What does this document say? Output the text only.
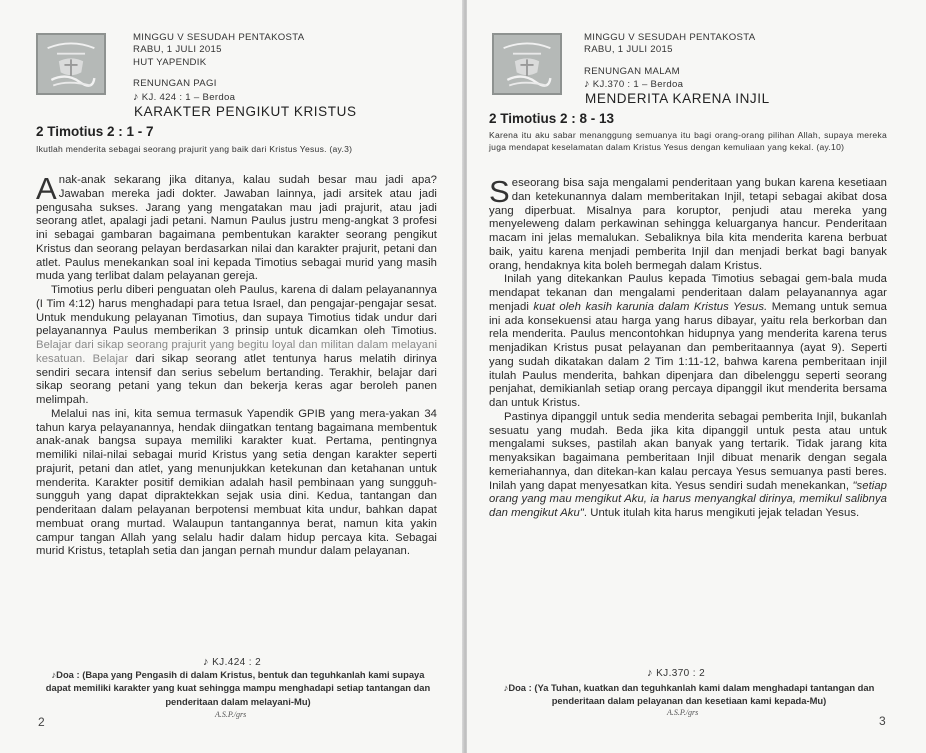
MINGGU V SESUDAH PENTAKOSTA
RABU, 1 JULI 2015
HUT YAPENDIK
RENUNGAN PAGI
♪ KJ. 424 : 1 – Berdoa
KARAKTER PENGIKUT KRISTUS
2 Timotius 2 : 1 - 7
Ikutlah menderita sebagai seorang prajurit yang baik dari Kristus Yesus. (ay.3)

Anak-anak sekarang jika ditanya, kalau sudah besar mau jadi apa? Jawaban mereka jadi dokter. Jawaban lainnya, jadi arsitek atau jadi pengusaha sukses. Jarang yang mengatakan mau jadi prajurit, atau jadi seorang atlet, apalagi jadi petani. Namun Paulus justru meng-angkat 3 profesi ini sebagai gambaran bagaimana pembentukan karakter seorang pengikut Kristus dan seorang pelayan berdasarkan nilai dan karakter prajurit, petani dan atlet. Paulus menekankan soal ini kepada Timotius sebagai murid yang masih muda yang terlibat dalam pelayanan gereja.

Timotius perlu diberi penguatan oleh Paulus, karena di dalam pelayanannya (I Tim 4:12) harus menghadapi para tetua Israel, dan pengajar-pengajar sesat. Untuk mendukung pelayanan Timotius, dan supaya Timotius tidak undur dari pelayanannya Paulus memberikan 3 prinsip untuk dicamkan oleh Timotius. Belajar dari sikap seorang prajurit yang begitu loyal dan militan dalam melayani kesatuan. Belajar dari sikap seorang atlet tentunya harus melatih dirinya sendiri secara intensif dan serius sebelum bertanding. Terakhir, belajar dari sikap seorang petani yang tekun dan bekerja keras agar beroleh panen melimpah.

Melalui nas ini, kita semua termasuk Yapendik GPIB yang mera-yakan 34 tahun karya pelayanannya, hendak diingatkan tentang bagaimana membentuk anak-anak bangsa supaya memiliki karakter kuat. Pertama, pentingnya memiliki nilai-nilai sebagai murid Kristus yang setia dengan karakter seperti prajurit, petani dan atlet, yang menunjukkan ketekunan dan ketahanan untuk menderita. Karakter positif demikian adalah hasil pembinaan yang sungguh-sungguh yang dapat dipraktekkan sejak usia dini. Kedua, tantangan dan penderitaan dalam pelayanan berpotensi membuat kita undur, bahkan dapat membuat orang murtad. Walaupun tantangannya berat, namun kita yakin campur tangan Allah yang selalu hadir dalam hidup percaya kita. Sebagai murid Kristus, tetaplah setia dan jangan pernah mundur dalam pelayanan.

♪ KJ.424 : 2
♪Doa : (Bapa yang Pengasih di dalam Kristus, bentuk dan teguhkanlah kami supaya dapat memiliki karakter yang kuat sehingga mampu menghadapi setiap tantangan dan penderitaan dalam melayani-Mu)
A.S.P./grs
2
MINGGU V SESUDAH PENTAKOSTA
RABU, 1 JULI 2015
RENUNGAN MALAM
♪ KJ.370 : 1 – Berdoa
MENDERITA KARENA INJIL
2 Timotius 2 : 8 - 13
Karena itu aku sabar menanggung semuanya itu bagi orang-orang pilihan Allah, supaya mereka juga mendapat keselamatan dalam Kristus Yesus dengan kemuliaan yang kekal. (ay.10)

Seseorang bisa saja mengalami penderitaan yang bukan karena kesetiaan dan ketekunannya dalam memberitakan Injil, tetapi sebagai akibat dosa yang diperbuat. Misalnya para koruptor, penjudi atau mereka yang menyeleweng dalam perkawinan sehingga keluarganya hancur. Penderitaan macam ini jelas memalukan. Sebaliknya bila kita menderita karena berbuat baik, yaitu karena menjadi pemberita Injil dan menjadi berkat bagi banyak orang, hendaknya kita boleh bermegah dalam Kristus.

Inilah yang ditekankan Paulus kepada Timotius sebagai gem-bala muda mendapat tekanan dan mengalami penderitaan dalam pelayanannya agar menjadi kuat oleh kasih karunia dalam Kristus Yesus. Memang untuk semua ini ada konsekuensi atau harga yang harus dibayar, yaitu rela berkorban dan rela menderita. Paulus mencontohkan hidupnya yang menderita karena terus menjadikan Kristus pusat pelayanan dan pemberitaannya (ayat 9). Seperti yang sudah dikatakan dalam 2 Tim 1:11-12, bahwa karena pemberitaan injil itulah Paulus menderita, bahkan dipenjara dan dibelenggu seperti seorang penjahat, demikianlah setiap orang percaya dipanggil ikut menderita bersama dan untuk Kristus.

Pastinya dipanggil untuk sedia menderita sebagai pemberita Injil, bukanlah sesuatu yang mudah. Beda jika kita dipanggil untuk pesta atau untuk mengalami sukses, pastilah akan banyak yang tertarik. Tidak jarang kita menyaksikan bagaimana pemberitaan Injil dibuat menarik dengan segala kemeriahannya, dan ditekan-kan kalau percaya Yesus semuanya pasti beres. Inilah yang dapat menyesatkan kita. Yesus sendiri sudah menekankan, "setiap orang yang mau mengikut Aku, ia harus menyangkal dirinya, memikul salibnya dan mengikut Aku". Untuk itulah kita harus mengikuti jejak teladan Yesus.

♪ KJ.370 : 2
♪Doa : (Ya Tuhan, kuatkan dan teguhkanlah kami dalam menghadapi tantangan dan penderitaan dalam pelayanan dan kesetiaan kami kepada-Mu)
A.S.P./grs
3
